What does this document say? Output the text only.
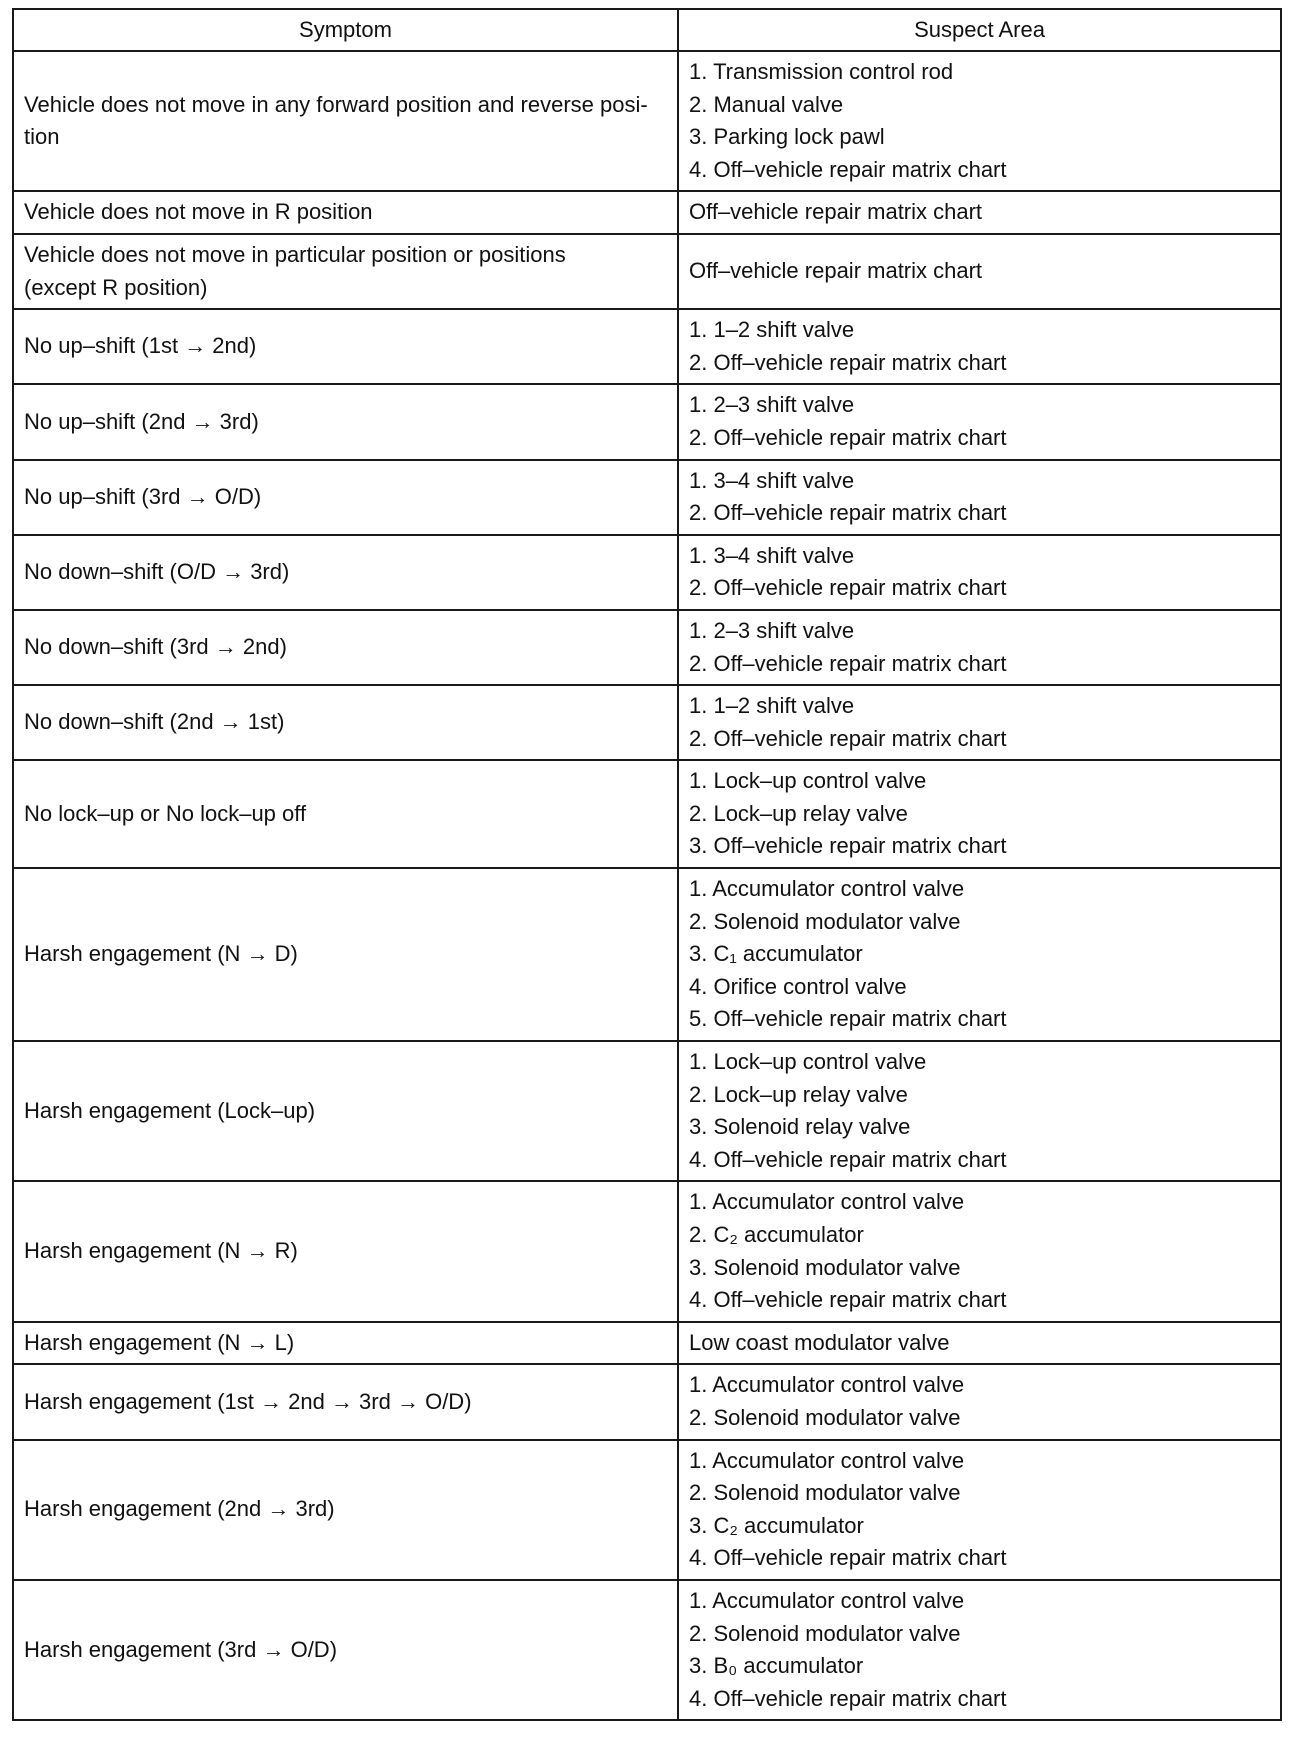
Symptom	Suspect Area

Vehicle does not move in any forward position and reverse posi-
tion	1. Transmission control rod
2. Manual valve
3. Parking lock pawl
4. Off–vehicle repair matrix chart

Vehicle does not move in R position	Off–vehicle repair matrix chart

Vehicle does not move in particular position or positions
(except R position)	Off–vehicle repair matrix chart

No up–shift (1st → 2nd)	1. 1–2 shift valve
2. Off–vehicle repair matrix chart

No up–shift (2nd → 3rd)	1. 2–3 shift valve
2. Off–vehicle repair matrix chart

No up–shift (3rd → O/D)	1. 3–4 shift valve
2. Off–vehicle repair matrix chart

No down–shift (O/D → 3rd)	1. 3–4 shift valve
2. Off–vehicle repair matrix chart

No down–shift (3rd → 2nd)	1. 2–3 shift valve
2. Off–vehicle repair matrix chart

No down–shift (2nd → 1st)	1. 1–2 shift valve
2. Off–vehicle repair matrix chart

No lock–up or No lock–up off	1. Lock–up control valve
2. Lock–up relay valve
3. Off–vehicle repair matrix chart

Harsh engagement (N → D)	1. Accumulator control valve
2. Solenoid modulator valve
3. C₁ accumulator
4. Orifice control valve
5. Off–vehicle repair matrix chart

Harsh engagement (Lock–up)	1. Lock–up control valve
2. Lock–up relay valve
3. Solenoid relay valve
4. Off–vehicle repair matrix chart

Harsh engagement (N → R)	1. Accumulator control valve
2. C₂ accumulator
3. Solenoid modulator valve
4. Off–vehicle repair matrix chart

Harsh engagement (N → L)	Low coast modulator valve

Harsh engagement (1st → 2nd → 3rd → O/D)	1. Accumulator control valve
2. Solenoid modulator valve

Harsh engagement (2nd → 3rd)	1. Accumulator control valve
2. Solenoid modulator valve
3. C₂ accumulator
4. Off–vehicle repair matrix chart

Harsh engagement (3rd → O/D)	1. Accumulator control valve
2. Solenoid modulator valve
3. B₀ accumulator
4. Off–vehicle repair matrix chart
